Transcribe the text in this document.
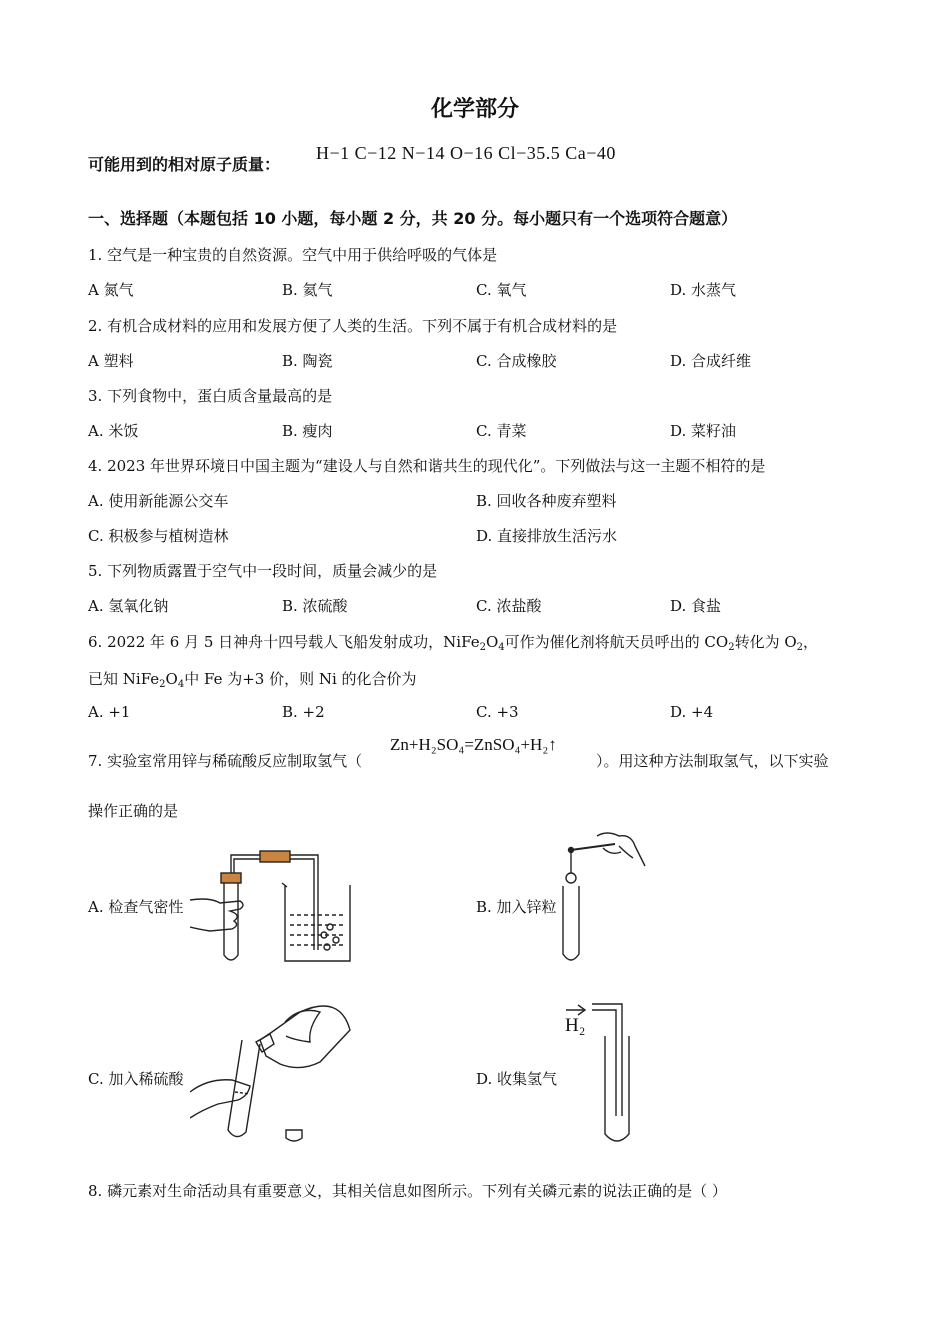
化学部分
可能用到的相对原子质量：
H−1 C−12 N−14 O−16 Cl−35.5 Ca−40
一、选择题（本题包括 10 小题，每小题 2 分，共 20 分。每小题只有一个选项符合题意）
1. 空气是一种宝贵的自然资源。空气中用于供给呼吸的气体是
A 氮气	B. 氦气	C. 氧气	D. 水蒸气
2. 有机合成材料的应用和发展方便了人类的生活。下列不属于有机合成材料的是
A 塑料	B. 陶瓷	C. 合成橡胶	D. 合成纤维
3. 下列食物中，蛋白质含量最高的是
A. 米饭	B. 瘦肉	C. 青菜	D. 菜籽油
4. 2023 年世界环境日中国主题为“建设人与自然和谐共生的现代化”。下列做法与这一主题不相符的是
A. 使用新能源公交车	B. 回收各种废弃塑料
C. 积极参与植树造林	D. 直接排放生活污水
5. 下列物质露置于空气中一段时间，质量会减少的是
A. 氢氧化钠	B. 浓硫酸	C. 浓盐酸	D. 食盐
6. 2022 年 6 月 5 日神舟十四号载人飞船发射成功，$NiFe_2O_4$可作为催化剂将航天员呼出的 $CO_2$转化为 $O_2$，
已知 $NiFe_2O_4$中 Fe 为+3 价，则 Ni 的化合价为
A. +1	B. +2	C. +3	D. +4
7. 实验室常用锌与稀硫酸反应制取氢气（
Zn+H₂SO₄=ZnSO₄+H₂↑
）。用这种方法制取氢气，以下实验
操作正确的是
A. 检查气密性	B. 加入锌粒
C. 加入稀硫酸	D. 收集氢气
H₂
8. 磷元素对生命活动具有重要意义，其相关信息如图所示。下列有关磷元素的说法正确的是（ ）
